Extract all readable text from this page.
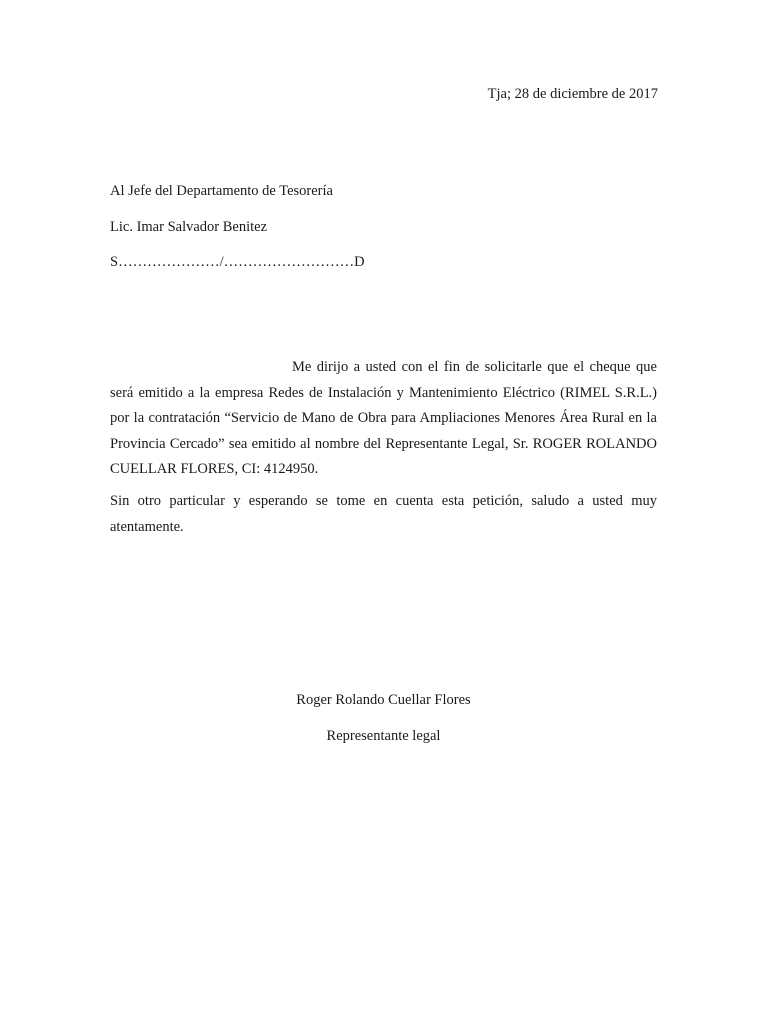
Tja; 28 de diciembre de 2017

Al Jefe del Departamento de Tesorería

Lic. Imar Salvador Benitez

S…………………/………………………D

Me dirijo a usted con el fin de solicitarle que el cheque que será emitido a la empresa Redes de Instalación y Mantenimiento Eléctrico (RIMEL S.R.L.) por la contratación “Servicio de Mano de Obra para Ampliaciones Menores Área Rural en la Provincia Cercado” sea emitido al nombre del Representante Legal, Sr. ROGER ROLANDO CUELLAR FLORES, CI: 4124950.

Sin otro particular y esperando se tome en cuenta esta petición, saludo a usted muy atentamente.

Roger Rolando Cuellar Flores

Representante legal
